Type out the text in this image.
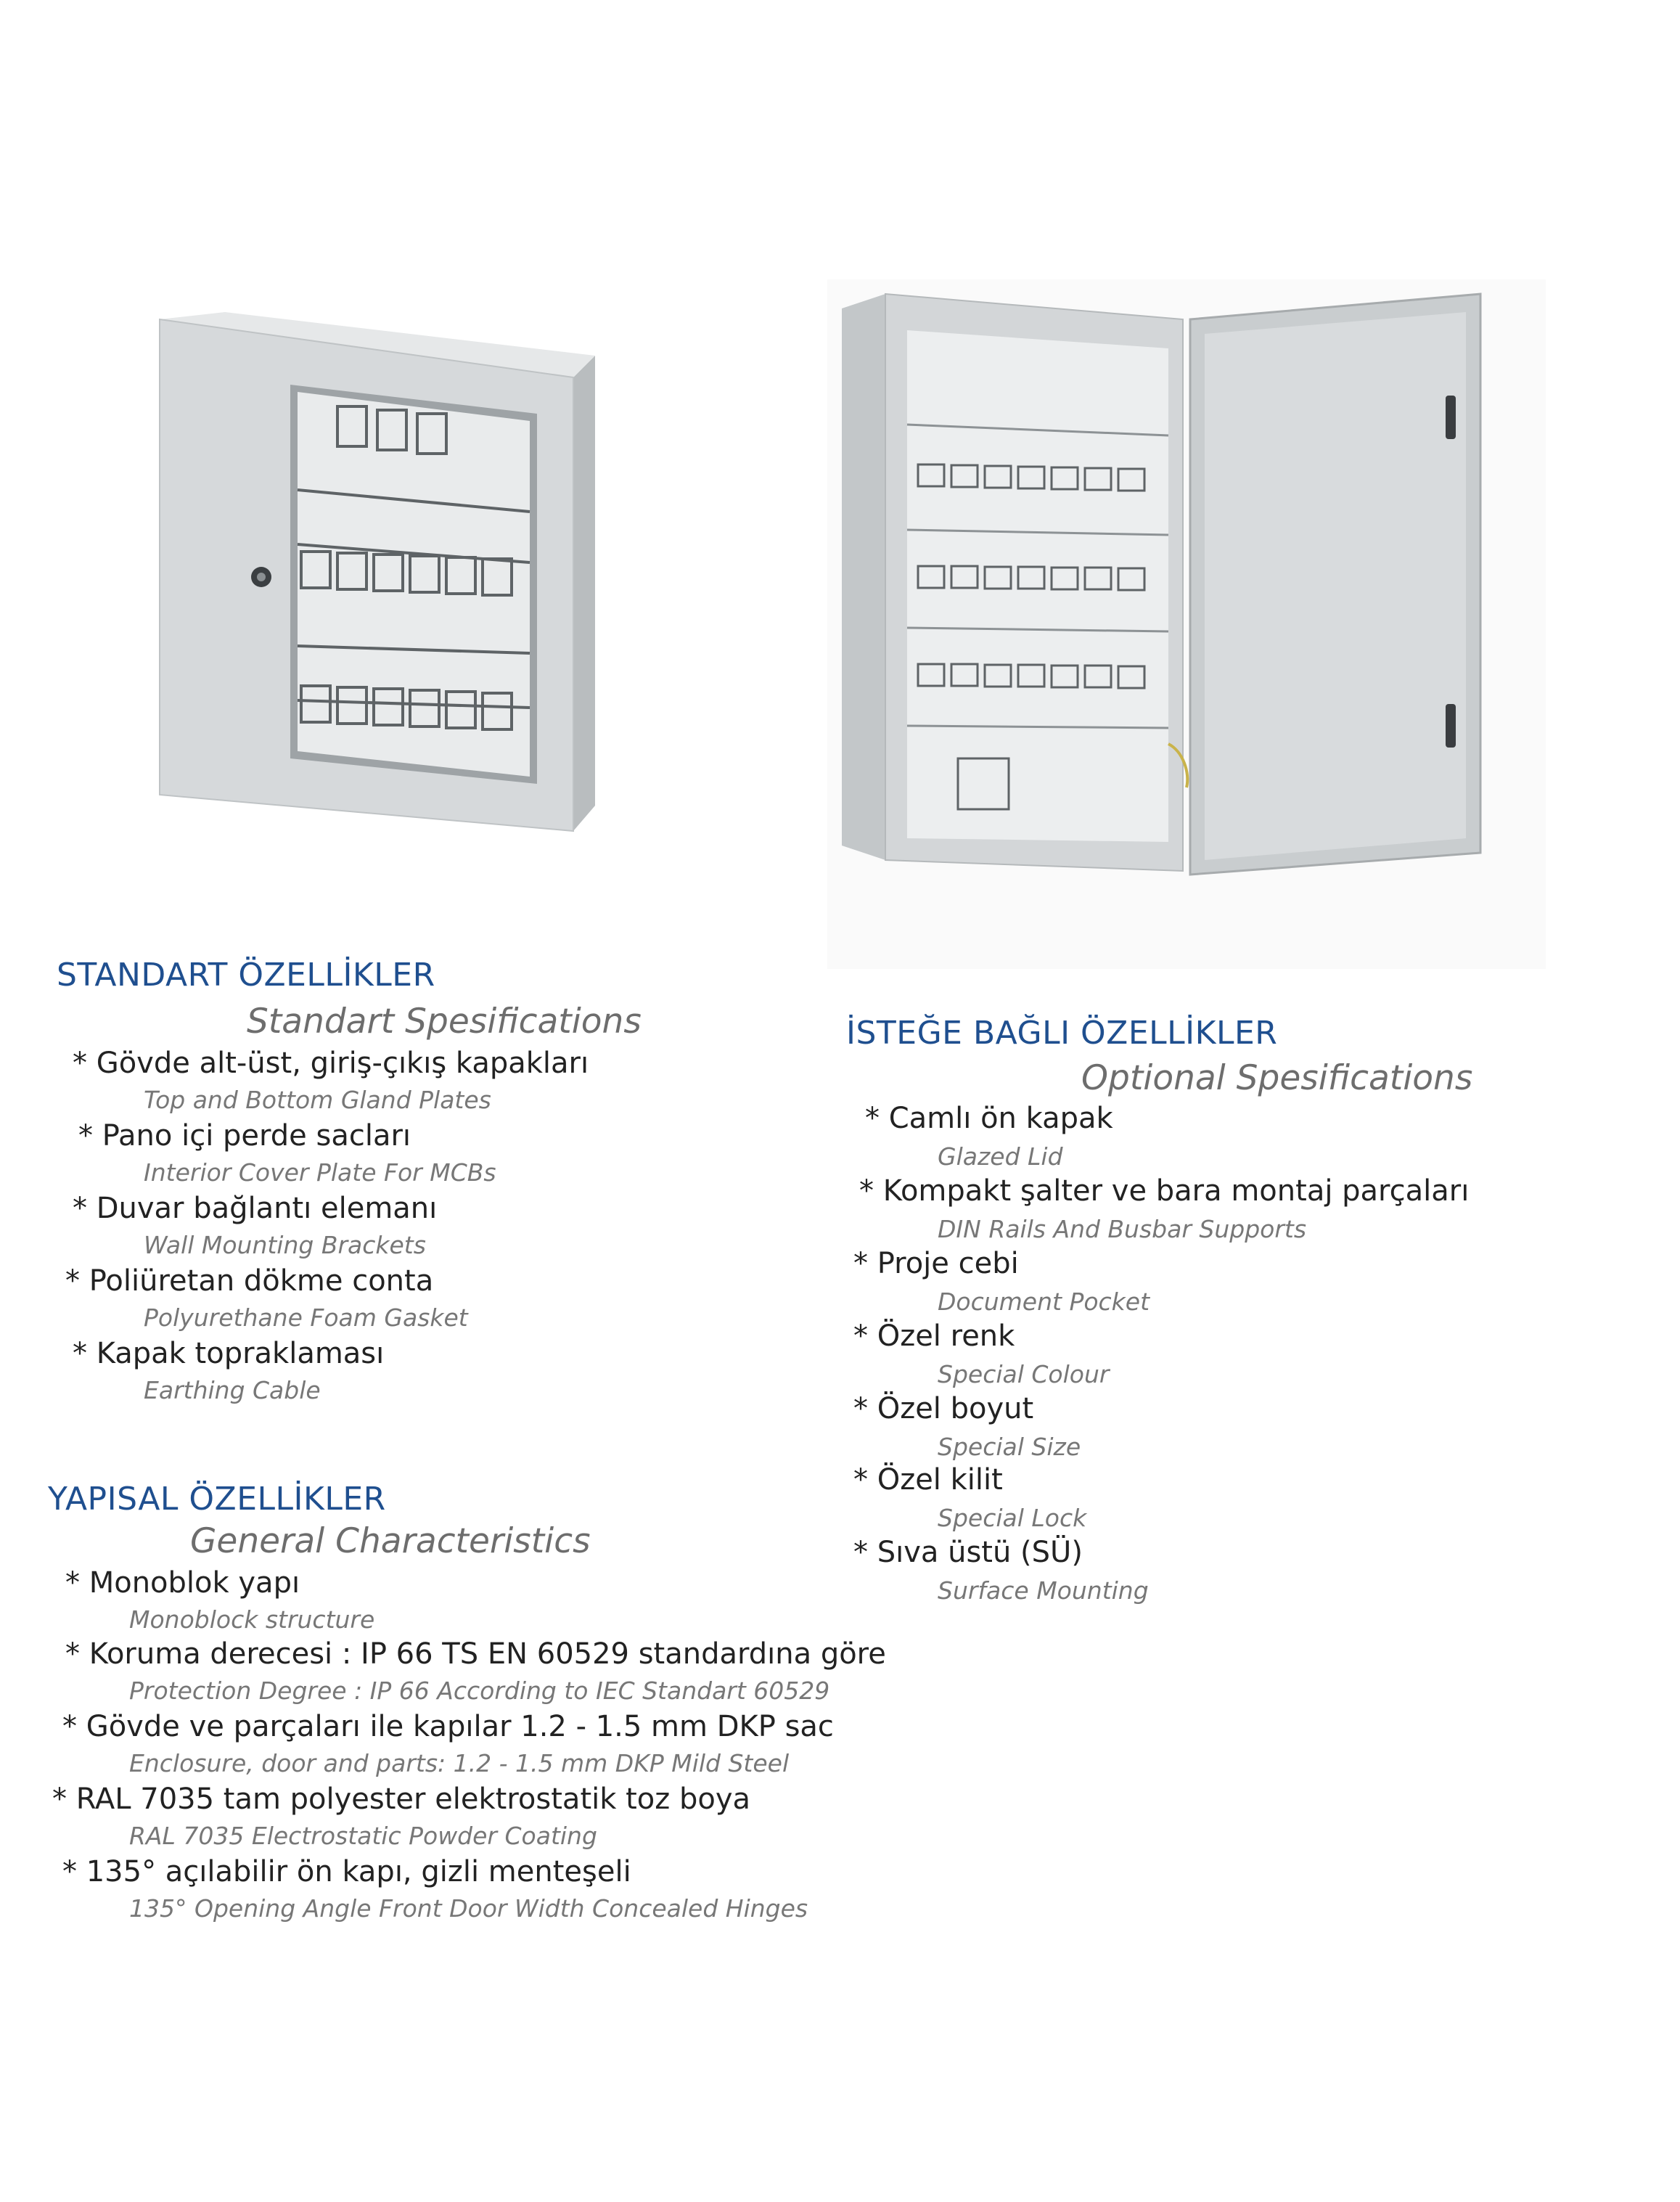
STANDART ÖZELLİKLER
Standart Spesifications
* Gövde alt-üst, giriş-çıkış kapakları
Top and Bottom Gland Plates
* Pano içi perde sacları
Interior Cover Plate For MCBs
* Duvar bağlantı elemanı
Wall Mounting Brackets
* Poliüretan dökme conta
Polyurethane Foam Gasket
* Kapak topraklaması
Earthing Cable
YAPISAL ÖZELLİKLER
General Characteristics
* Monoblok yapı
Monoblock structure
* Koruma derecesi : IP 66 TS EN 60529 standardına göre
Protection Degree : IP 66 According to IEC Standart 60529
* Gövde ve parçaları ile kapılar 1.2 - 1.5 mm DKP sac
Enclosure, door and parts: 1.2 - 1.5 mm DKP Mild Steel
* RAL 7035 tam polyester elektrostatik toz boya
RAL 7035 Electrostatic Powder Coating
* 135° açılabilir ön kapı, gizli menteşeli
135° Opening Angle Front Door Width Concealed Hinges
İSTEĞE BAĞLI ÖZELLİKLER
Optional Spesifications
* Camlı ön kapak
Glazed Lid
* Kompakt şalter ve bara montaj parçaları
DIN Rails And Busbar Supports
* Proje cebi
Document Pocket
* Özel renk
Special Colour
* Özel boyut
Special Size
* Özel kilit
Special Lock
* Sıva üstü (SÜ)
Surface Mounting
